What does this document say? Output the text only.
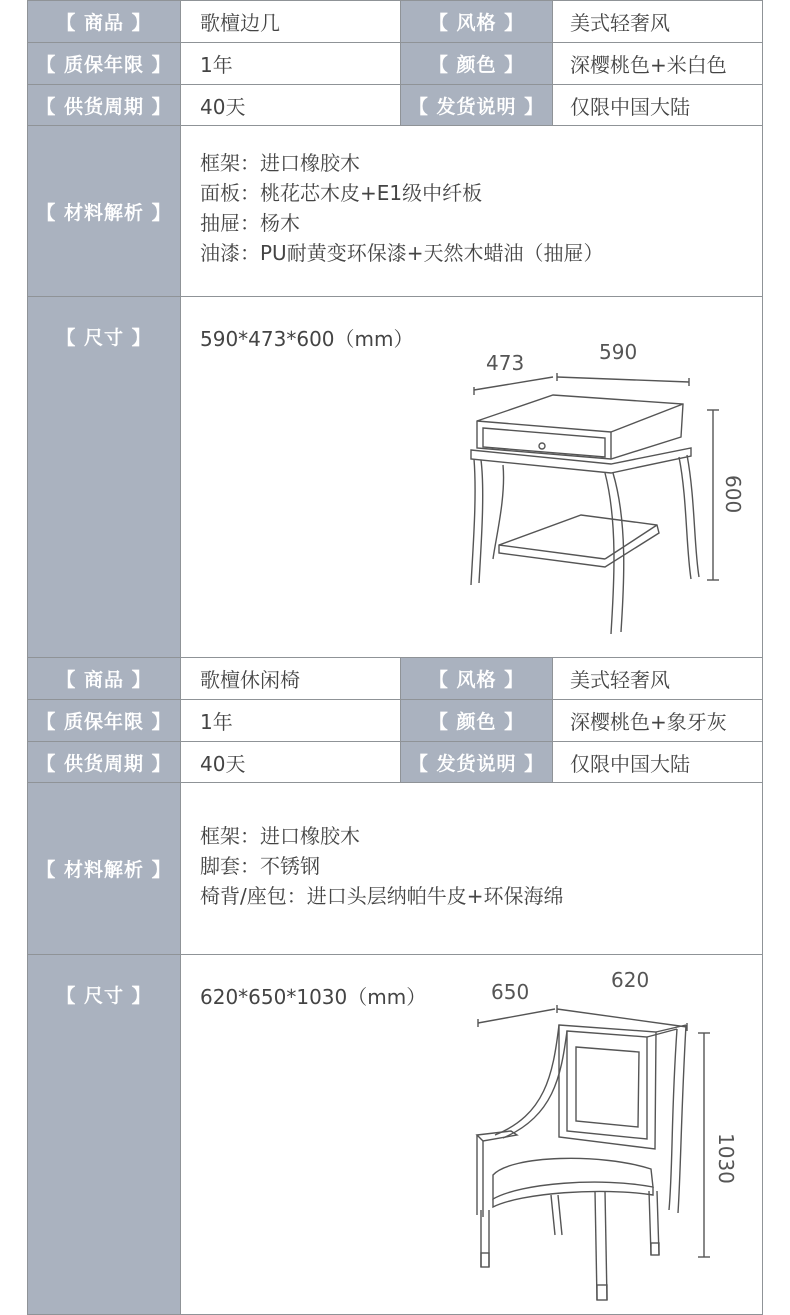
【 商品 】	歌檀边几	【 风格 】	美式轻奢风
【 质保年限 】	1年	【 颜色 】	深樱桃色+米白色
【 供货周期 】	40天	【 发货说明 】	仅限中国大陆
【 材料解析 】
框架：进口橡胶木
面板：桃花芯木皮+E1级中纤板
抽屉：杨木
油漆：PU耐黄变环保漆+天然木蜡油（抽屉）
【 尺寸 】	590*473*600（mm）
473	590
600
【 商品 】	歌檀休闲椅	【 风格 】	美式轻奢风
【 质保年限 】	1年	【 颜色 】	深樱桃色+象牙灰
【 供货周期 】	40天	【 发货说明 】	仅限中国大陆
【 材料解析 】
框架：进口橡胶木
脚套：不锈钢
椅背/座包：进口头层纳帕牛皮+环保海绵
【 尺寸 】	620*650*1030（mm）	650	620
1030
